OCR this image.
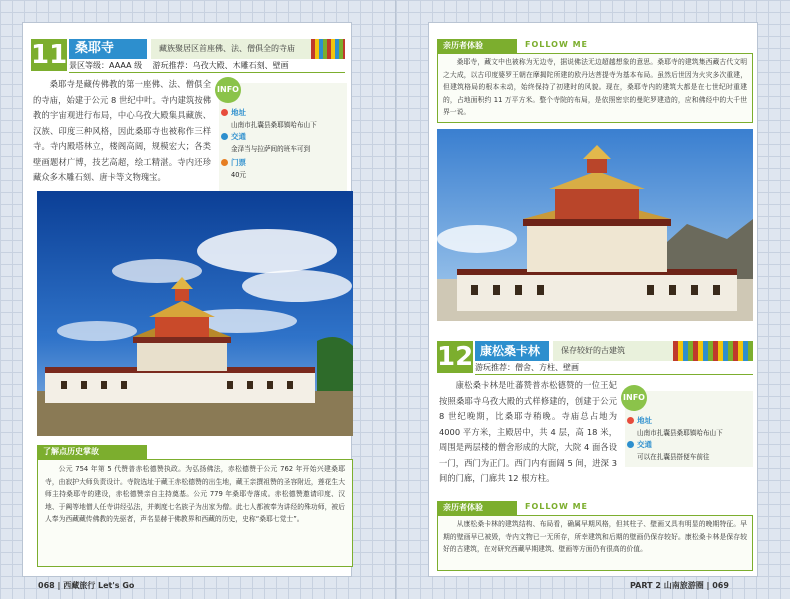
11 桑耶寺	藏族聚居区首座佛、法、僧俱全的寺庙
景区等级：AAAA 级 游玩推荐：乌孜大殿、木雕石刻、壁画
桑耶寺是藏传佛教的第一座佛、法、僧俱全的寺庙，始建于公元 8 世纪中叶。寺内建筑按佛教的宇宙观进行布局，中心乌孜大殿集具藏族、汉族、印度三种风格，因此桑耶寺也被称作三样寺。寺内殿塔林立，楼阁高阔，规模宏大；各类壁画题材广博，技艺高超，绘工精湛。寺内还珍藏众多木雕石刻、唐卡等文物瑰宝。
INFO
地址
山南市扎囊县桑耶镇哈布山下
交通
金泽当与拉萨间的班车可到
门票
40元
了解点历史掌故
公元 754 年第 5 代赞普赤松德赞执政。为弘扬佛法，赤松德赞于公元 762 年开始兴建桑耶寺，由寂护大师负责设计。寺院选址于藏王赤松德赞的出生地，藏王亲撰祖赞的圣容附近，莲花生大师主持桑耶寺的建设，赤松德赞亲自主持奠基。公元 779 年桑耶寺落成。赤松德赞邀请印度、汉地、于阗等地僧人任寺讲经弘法，并剃度七名族子为出家为僧。此七人都被奉为讲经的殊功师，被后人奉为西藏藏传佛教的先驱者，声名显赫于佛教界和西藏的历史，史称“桑耶七觉士”。
068 | 西藏旅行 Let's Go
亲历者体验	FOLLOW ME
桑耶寺，藏文中也被称为无边寺，据说佛法无边超越想象的意思。桑耶寺的建筑集西藏古代文明之大成，以古印度婆罗王朝在摩揭陀所建的欧丹达菩提寺为基本布局。虽然后世因为火灾多次重建，但建筑格局的根本未动，始终保持了初建时的风貌。现在，桑耶寺内的建筑大都是在七世纪时重建的，占地面积约 11 万平方米。整个寺院的布局，是依照密宗的曼陀罗建造的，应和佛经中的大千世界一说。
12 康松桑卡林	保存较好的古建筑
游玩推荐：僧舍、方柱、壁画
康松桑卡林是吐蕃赞普赤松德赞的一位王妃按照桑耶寺乌孜大殿的式样修建的，创建于公元 8 世纪晚期，比桑耶寺稍晚。寺庙总占地为4000 平方米，主殿居中，共 4 层，高 18 米，周围是两层楼的僧舍形成的大院，大院 4 面各设一门，西门为正门。西门内有面阔 5 间，进深 3 间的门廊，门廊共 12 根方柱。
INFO
地址
山南市扎囊县桑耶镇哈布山下
交通
可以在扎囊县搭便车前往
亲历者体验	FOLLOW ME
从康松桑卡林的建筑结构、布局看，确属早期风格，但其柱子、壁画又具有明显的晚期特征。早期的壁画早已被毁，寺内文物已一无所存，所幸建筑和后期的壁画仍保存较好。康松桑卡林是保存较好的古建筑，在对研究西藏早期建筑、壁画等方面仍有很高的价值。
PART 2 山南旅游圈 | 069
